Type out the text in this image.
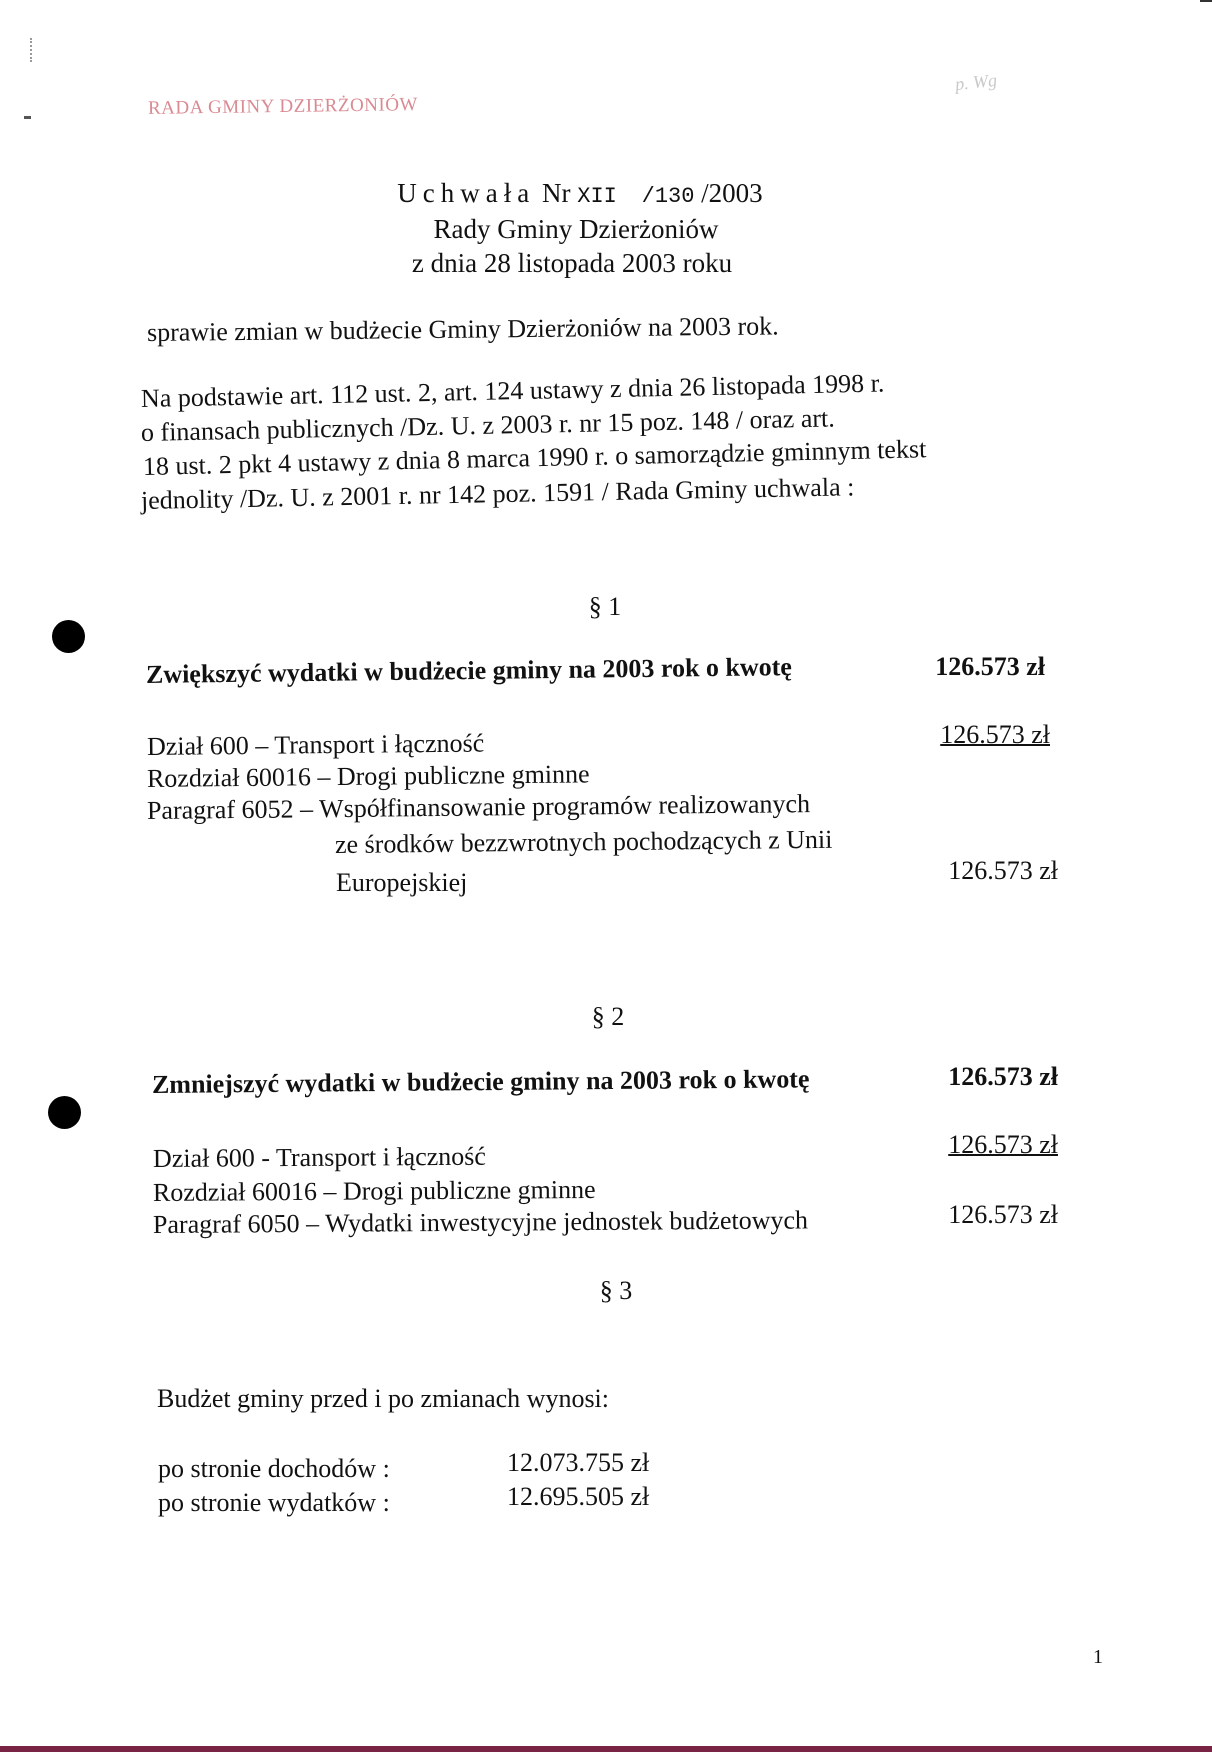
RADA GMINY DZIERŻONIÓW
p. Wg
Uchwała Nr XII /130 /2003
Rady Gminy Dzierżoniów
z dnia 28 listopada 2003 roku
sprawie zmian w budżecie Gminy Dzierżoniów na 2003 rok.
Na podstawie art. 112 ust. 2, art. 124 ustawy z dnia 26 listopada 1998 r.
o finansach publicznych /Dz. U. z 2003 r. nr 15 poz. 148 / oraz art.
18 ust. 2 pkt 4 ustawy z dnia 8 marca 1990 r. o samorządzie gminnym tekst
jednolity /Dz. U. z 2001 r. nr 142 poz. 1591 / Rada Gminy uchwala :
§ 1
Zwiększyć wydatki w budżecie gminy na 2003 rok o kwotę	126.573 zł
Dział 600 – Transport i łączność	126.573 zł
Rozdział 60016 – Drogi publiczne gminne
Paragraf 6052 – Współfinansowanie programów realizowanych
ze środków bezzwrotnych pochodzących z Unii
Europejskiej	126.573 zł
§ 2
Zmniejszyć wydatki w budżecie gminy na 2003 rok o kwotę	126.573 zł
Dział 600 - Transport i łączność	126.573 zł
Rozdział 60016 – Drogi publiczne gminne
Paragraf 6050 – Wydatki inwestycyjne jednostek budżetowych	126.573 zł
§ 3
Budżet gminy przed i po zmianach wynosi:
po stronie dochodów :	12.073.755 zł
po stronie wydatków :	12.695.505 zł
1
